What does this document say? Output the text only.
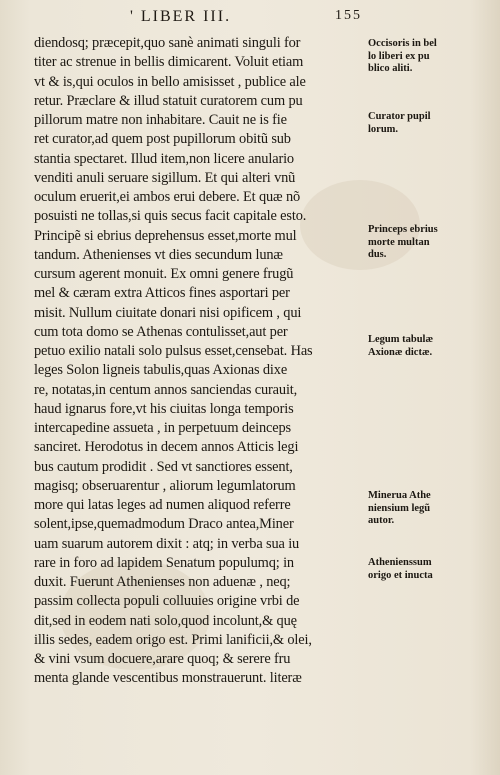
' LIBER III.	155
diendosq; præcepit,quo sanè animati singuli for
titer ac strenue in bellis dimicarent. Voluit etiam
vt & is,qui oculos in bello amisisset , publice ale
retur. Præclare & illud statuit curatorem cum pu
pillorum matre non inhabitare. Cauit ne is fie
ret curator,ad quem post pupillorum obitũ sub
stantia spectaret. Illud item,non licere anulario
venditi anuli seruare sigillum. Et qui alteri vnũ
oculum eruerit,ei ambos erui debere. Et quæ nõ
posuisti ne tollas,si quis secus facit capitale esto.
Principẽ si ebrius deprehensus esset,morte mul
tandum. Athenienses vt dies secundum lunæ
cursum agerent monuit. Ex omni genere frugũ
mel & cæram extra Atticos fines asportari per
misit. Nullum ciuitate donari nisi opificem , qui
cum tota domo se Athenas contulisset,aut per
petuo exilio natali solo pulsus esset,censebat. Has
leges Solon ligneis tabulis,quas Axionas dixe
re, notatas,in centum annos sanciendas curauit,
haud ignarus fore,vt his ciuitas longa temporis
intercapedine assueta , in perpetuum deinceps
sanciret. Herodotus in decem annos Atticis legi
bus cautum prodidit . Sed vt sanctiores essent,
magisq; obseruarentur , aliorum legumlatorum
more qui latas leges ad numen aliquod referre
solent,ipse,quemadmodum Draco antea,Miner
uam suarum autorem dixit : atq; in verba sua iu
rare in foro ad lapidem Senatum populumq; in
duxit. Fuerunt Athenienses non aduenæ , neq;
passim collecta populi colluuies origine vrbi de
dit,sed in eodem nati solo,quod incolunt,& quę
illis sedes, eadem origo est. Primi lanificii,& olei,
& vini vsum docuere,arare quoq; & serere fru
menta glande vescentibus monstrauerunt. literæ
Occisoris in bel
lo liberi ex pu
blico aliti.
Curator pupil
lorum.
Princeps ebrius
morte multan
dus.
Legum tabulæ
Axionæ dictæ.
Minerua Athe
niensium legũ
autor.
Athenienssum
origo et inucta
